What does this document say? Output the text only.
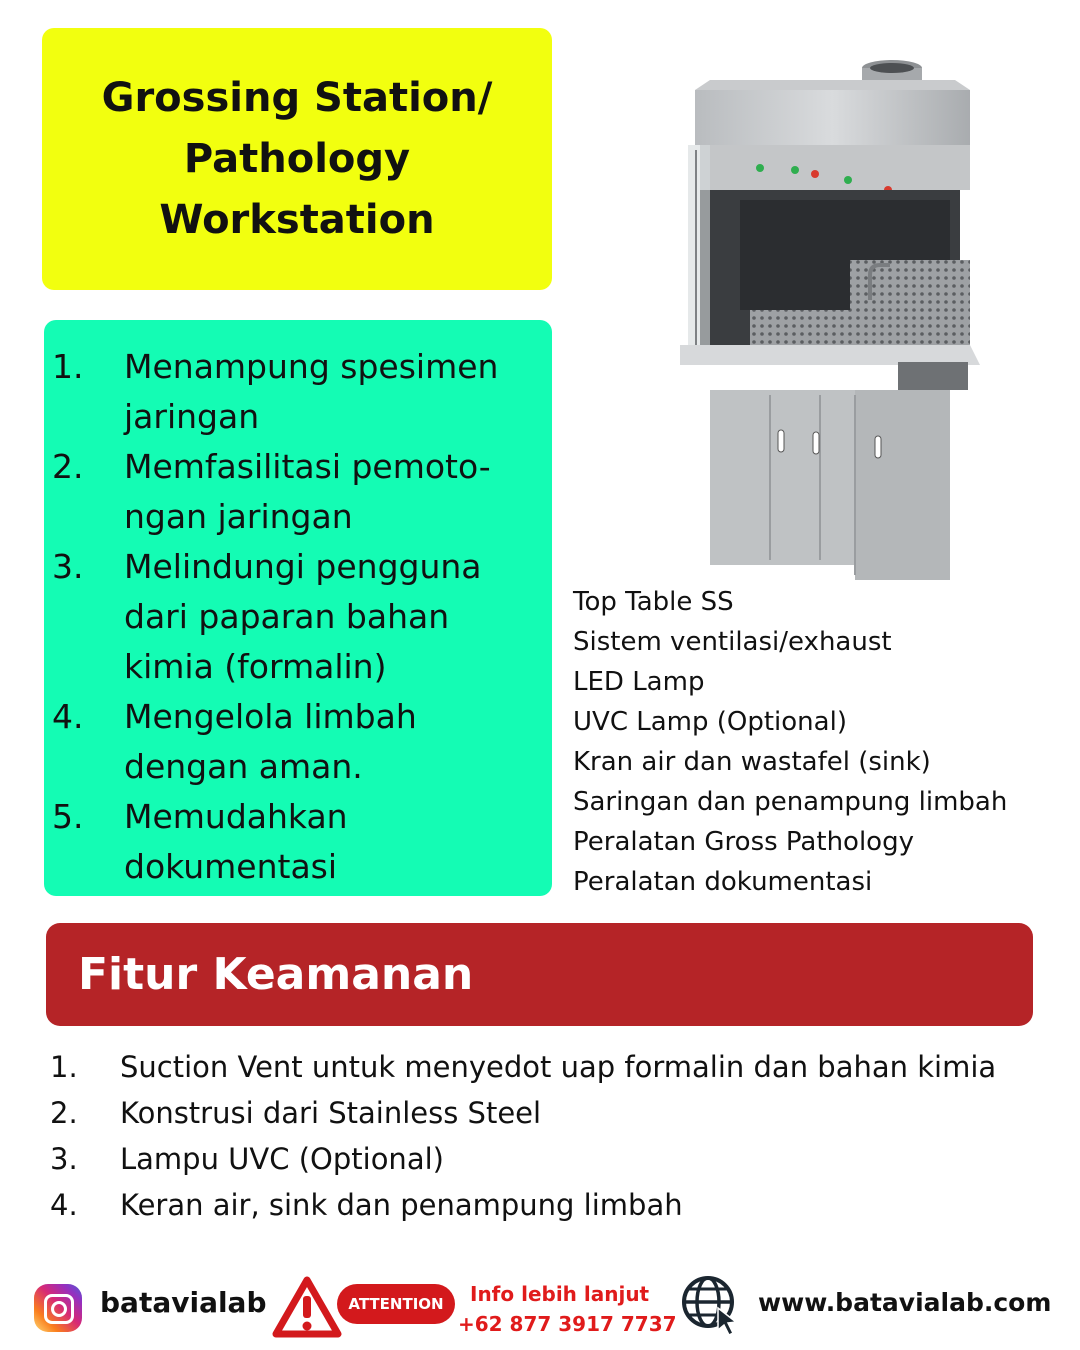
Grossing Station/
Pathology
Workstation
1. Menampung spesimen
jaringan
2. Memfasilitasi pemoto-
ngan jaringan
3. Melindungi pengguna
dari paparan bahan
kimia (formalin)
4. Mengelola limbah
dengan aman.
5. Memudahkan
dokumentasi
Top Table SS
Sistem ventilasi/exhaust
LED Lamp
UVC Lamp (Optional)
Kran air dan wastafel (sink)
Saringan dan penampung limbah
Peralatan Gross Pathology
Peralatan dokumentasi
Fitur Keamanan
1. Suction Vent untuk menyedot uap formalin dan bahan kimia
2. Konstrusi dari Stainless Steel
3. Lampu UVC (Optional)
4. Keran air, sink dan penampung limbah
batavialab	ATTENTION	Info lebih lanjut
+62 877 3917 7737
www.batavialab.com
